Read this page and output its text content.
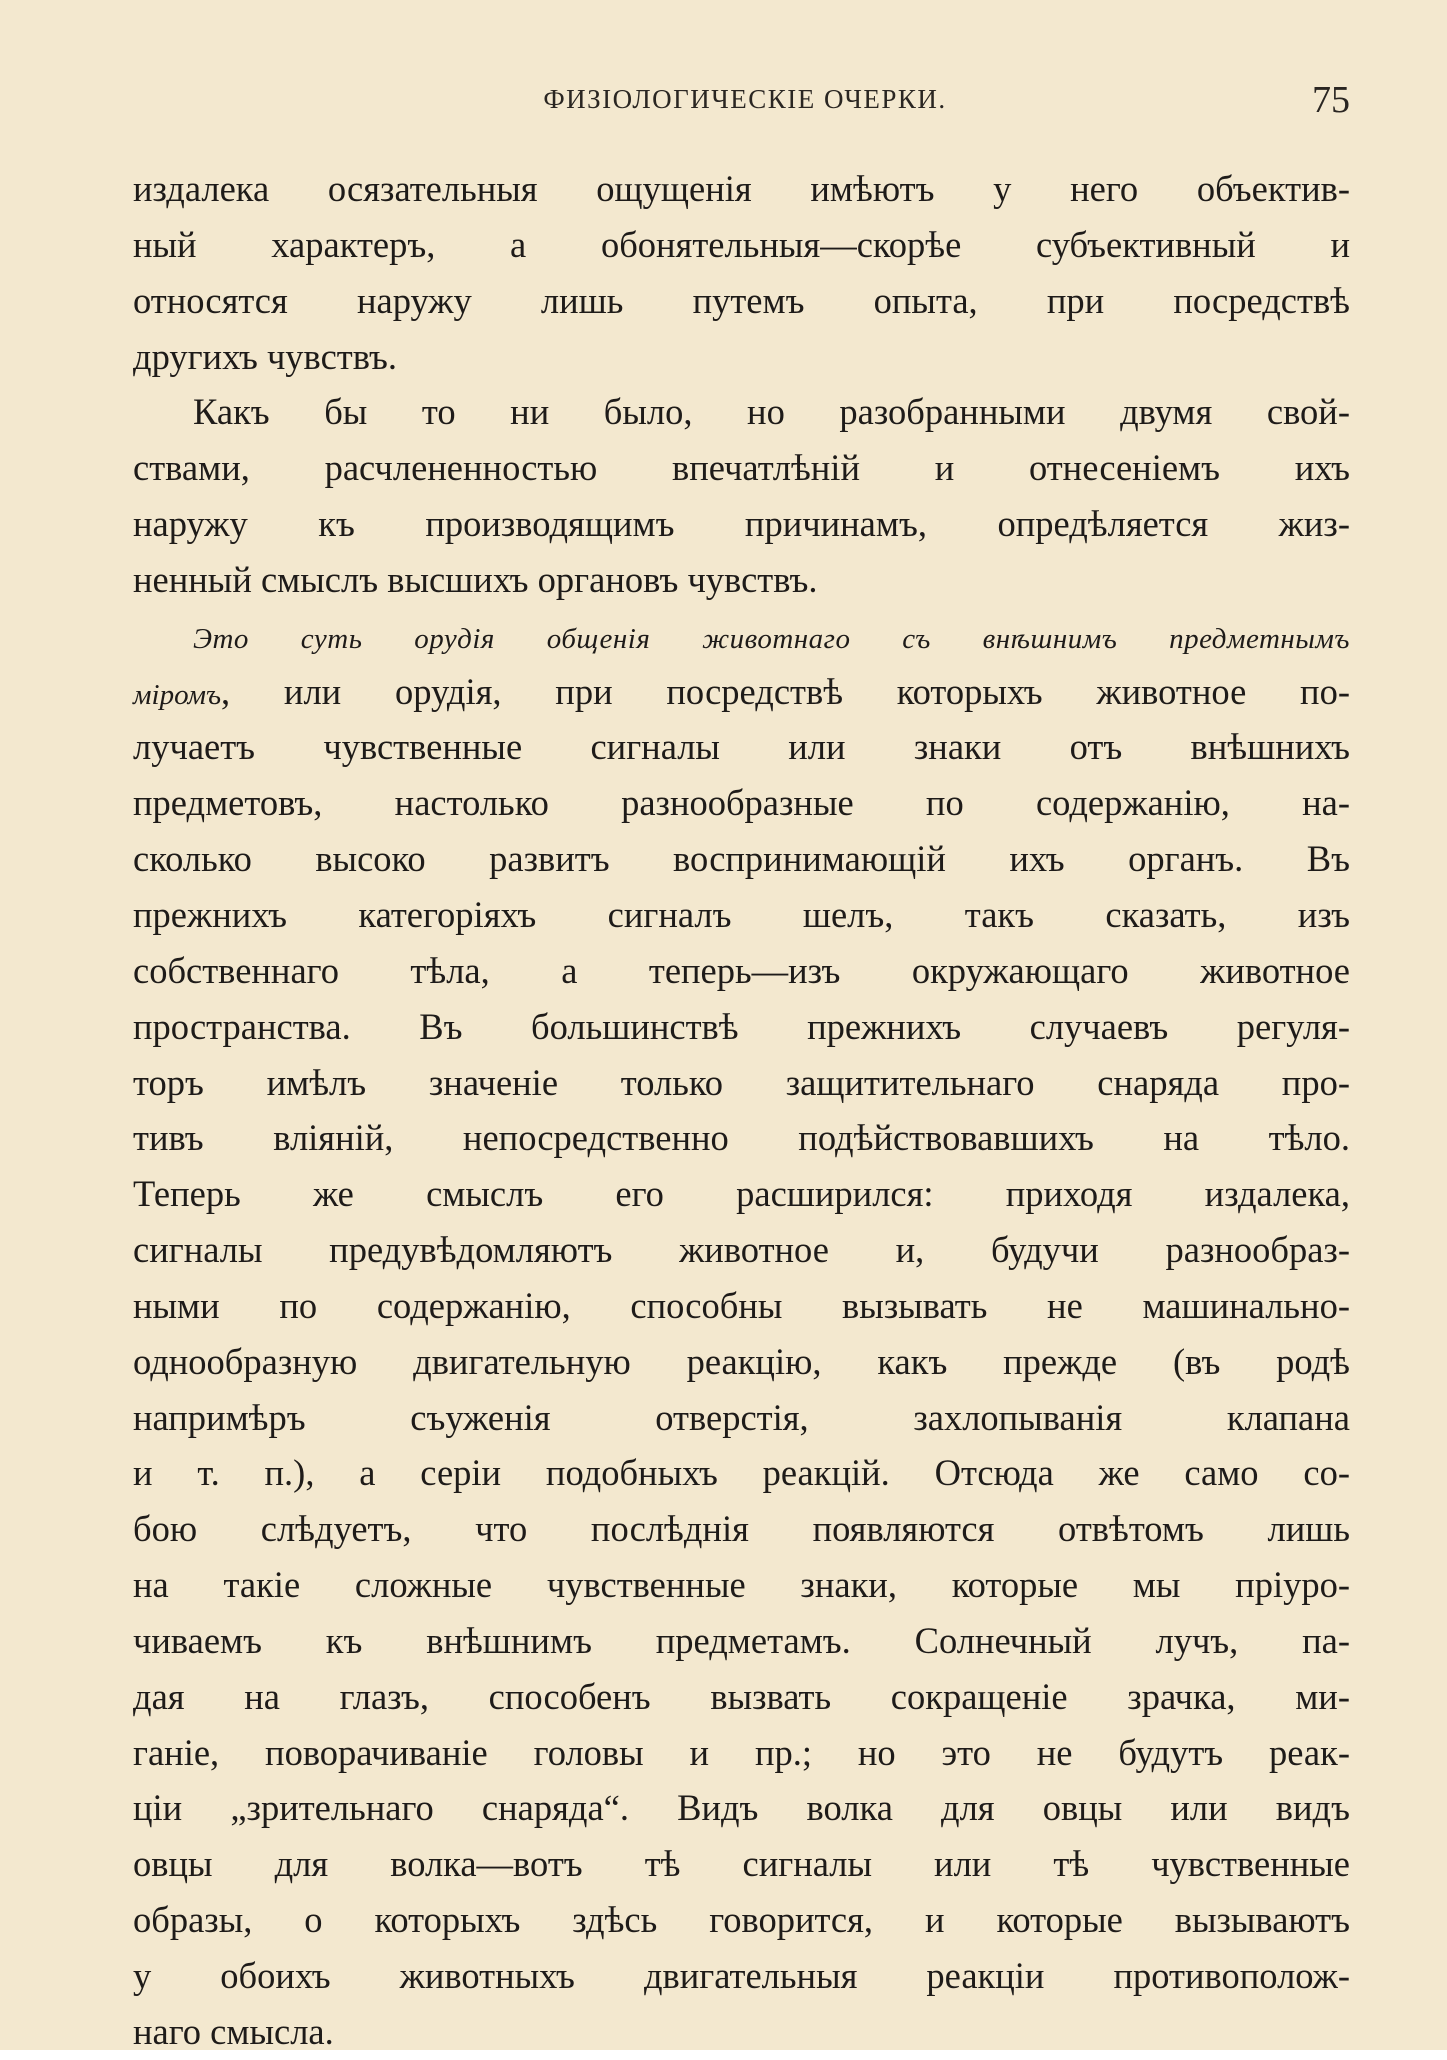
ФИЗІОЛОГИЧЕСКІЕ ОЧЕРКИ.	75
издалека осязательныя ощущенія имѣютъ у него объектив-
ный характеръ, а обонятельныя—скорѣе субъективный и
относятся наружу лишь путемъ опыта, при посредствѣ
другихъ чувствъ.
Какъ бы то ни было, но разобранными двумя свой-
ствами, расчлененностью впечатлѣній и отнесеніемъ ихъ
наружу къ производящимъ причинамъ, опредѣляется жиз-
ненный смыслъ высшихъ органовъ чувствъ.
Это суть орудія общенія животнаго съ внѣшнимъ предметнымъ
міромъ, или орудія, при посредствѣ которыхъ животное по-
лучаетъ чувственные сигналы или знаки отъ внѣшнихъ
предметовъ, настолько разнообразные по содержанію, на-
сколько высоко развитъ воспринимающій ихъ органъ. Въ
прежнихъ категоріяхъ сигналъ шелъ, такъ сказать, изъ
собственнаго тѣла, а теперь—изъ окружающаго животное
пространства. Въ большинствѣ прежнихъ случаевъ регуля-
торъ имѣлъ значеніе только защитительнаго снаряда про-
тивъ вліяній, непосредственно подѣйствовавшихъ на тѣло.
Теперь же смыслъ его расширился: приходя издалека,
сигналы предувѣдомляютъ животное и, будучи разнообраз-
ными по содержанію, способны вызывать не машинально-
однообразную двигательную реакцію, какъ прежде (въ родѣ
напримѣръ съуженія отверстія, захлопыванія клапана
и т. п.), а серіи подобныхъ реакцій. Отсюда же само со-
бою слѣдуетъ, что послѣднія появляются отвѣтомъ лишь
на такіе сложные чувственные знаки, которые мы пріуро-
чиваемъ къ внѣшнимъ предметамъ. Солнечный лучъ, па-
дая на глазъ, способенъ вызвать сокращеніе зрачка, ми-
ганіе, поворачиваніе головы и пр.; но это не будутъ реак-
ціи „зрительнаго снаряда“. Видъ волка для овцы или видъ
овцы для волка—вотъ тѣ сигналы или тѣ чувственные
образы, о которыхъ здѣсь говорится, и которые вызываютъ
у обоихъ животныхъ двигательныя реакціи противополож-
наго смысла.
